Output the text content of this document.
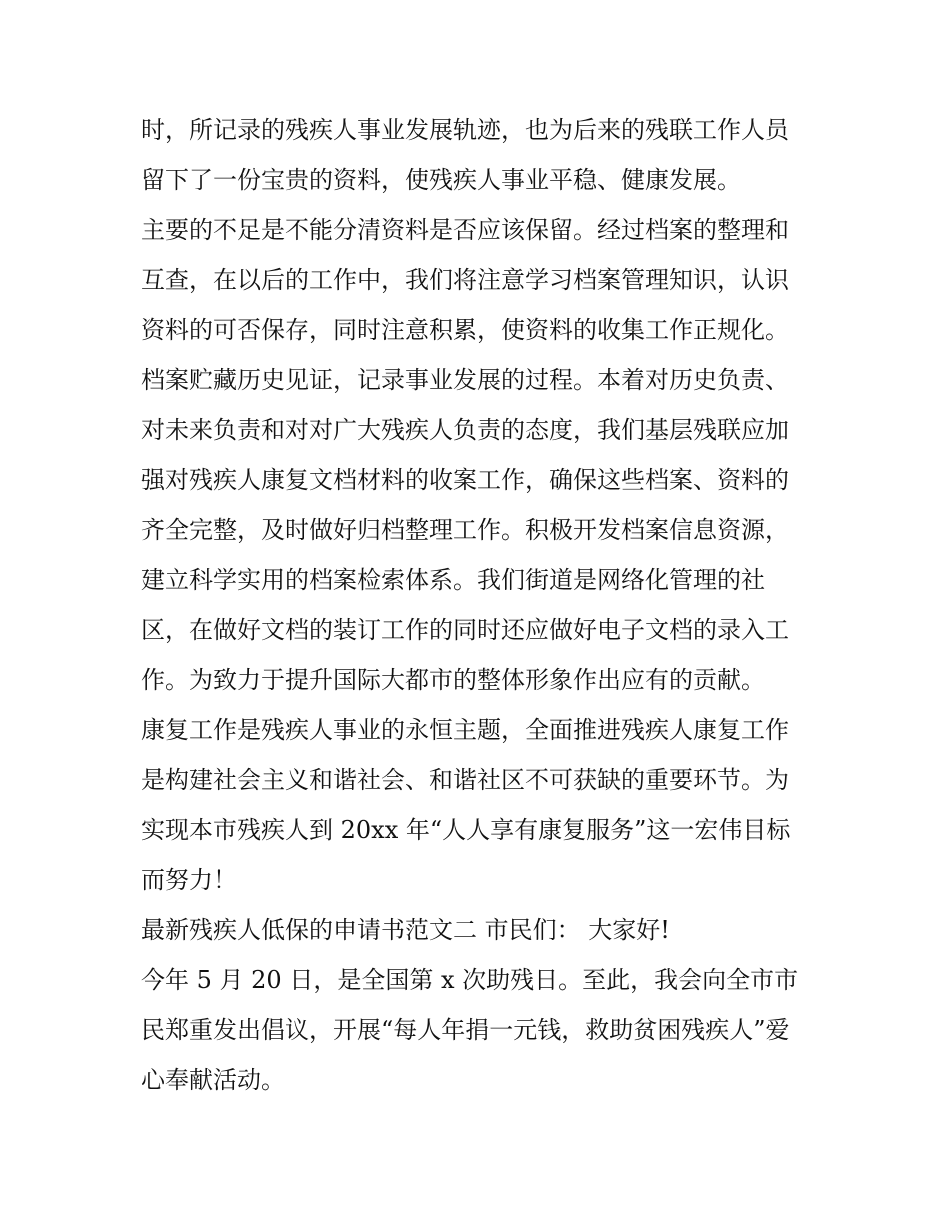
时，所记录的残疾人事业发展轨迹，也为后来的残联工作人员
留下了一份宝贵的资料，使残疾人事业平稳、健康发展。
主要的不足是不能分清资料是否应该保留。经过档案的整理和
互查，在以后的工作中，我们将注意学习档案管理知识，认识
资料的可否保存，同时注意积累，使资料的收集工作正规化。
档案贮藏历史见证，记录事业发展的过程。本着对历史负责、
对未来负责和对对广大残疾人负责的态度，我们基层残联应加
强对残疾人康复文档材料的收案工作，确保这些档案、资料的
齐全完整，及时做好归档整理工作。积极开发档案信息资源，
建立科学实用的档案检索体系。我们街道是网络化管理的社
区，在做好文档的装订工作的同时还应做好电子文档的录入工
作。为致力于提升国际大都市的整体形象作出应有的贡献。
康复工作是残疾人事业的永恒主题，全面推进残疾人康复工作
是构建社会主义和谐社会、和谐社区不可获缺的重要环节。为
实现本市残疾人到 20xx 年“人人享有康复服务”这一宏伟目标
而努力！
最新残疾人低保的申请书范文二 市民们： 大家好!
今年 5 月 20 日，是全国第 x 次助残日。至此，我会向全市市
民郑重发出倡议，开展“每人年捐一元钱，救助贫困残疾人”爱
心奉献活动。
